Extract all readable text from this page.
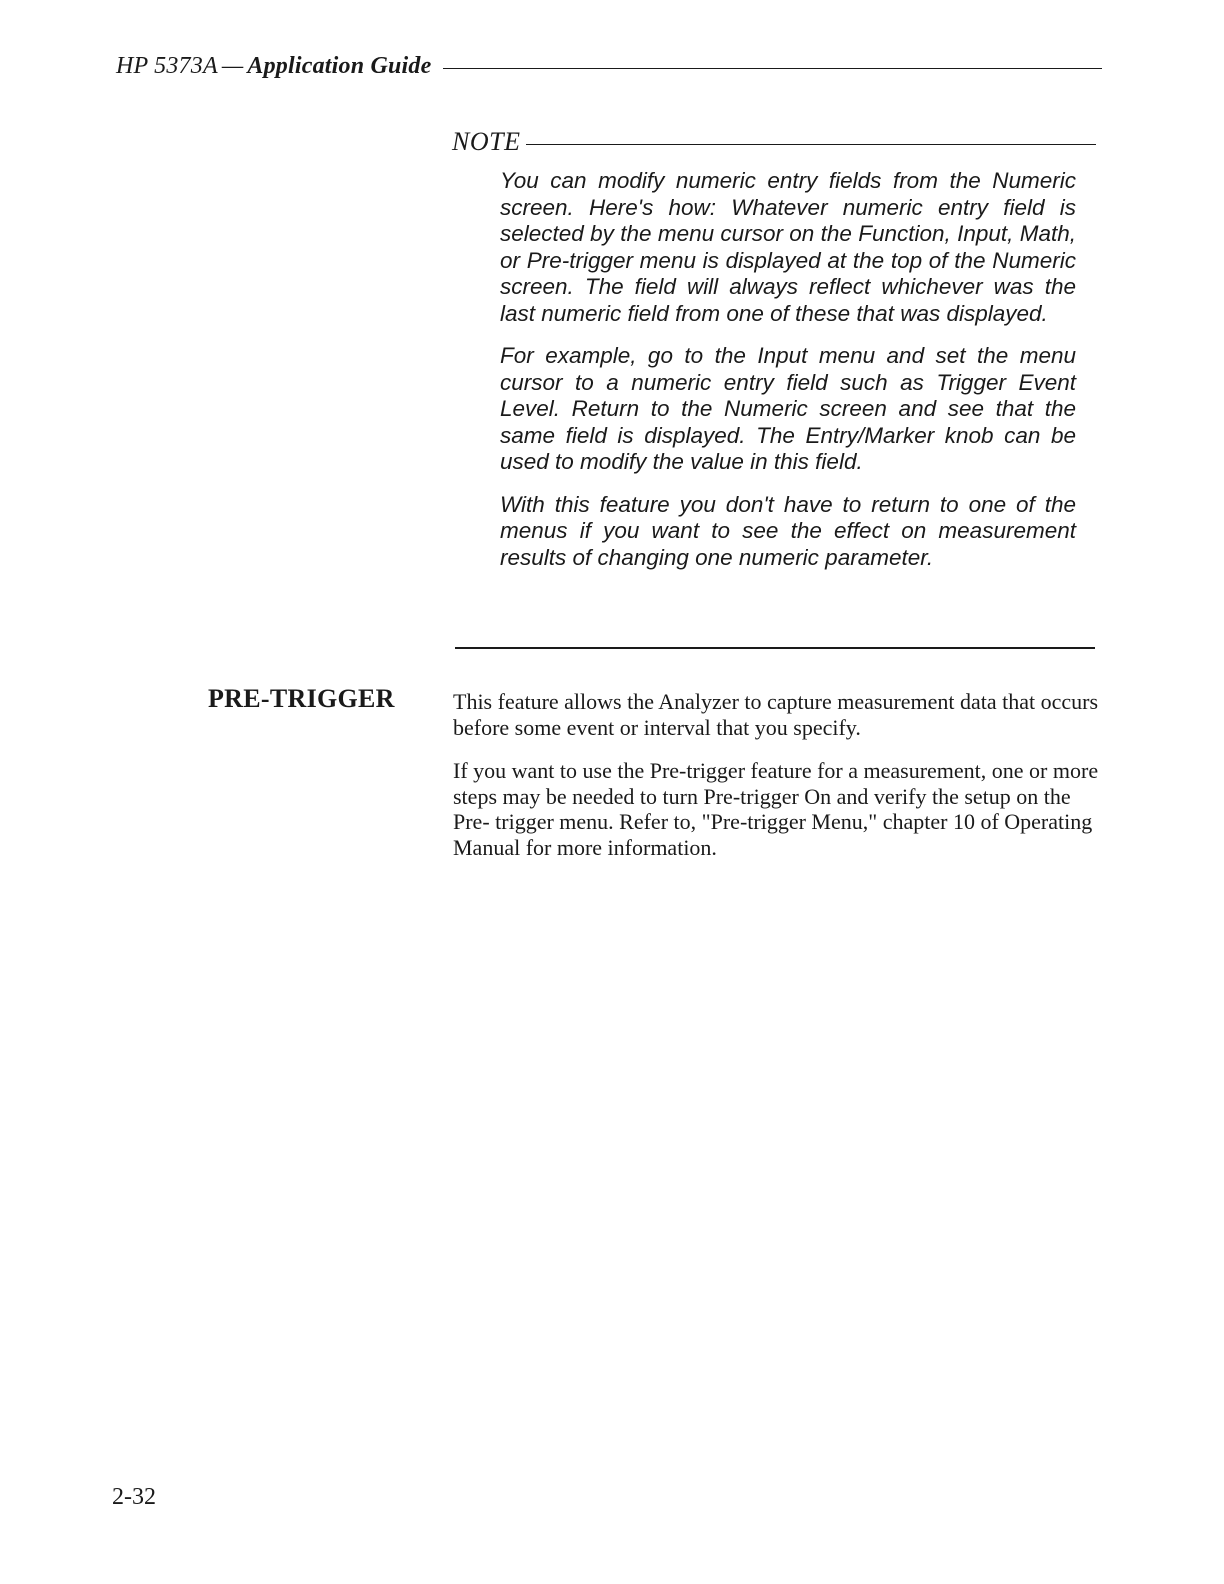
HP 5373A — Application Guide
NOTE

You can modify numeric entry fields from the Numeric screen. Here's how: Whatever numeric entry field is selected by the menu cursor on the Function, Input, Math, or Pre-trigger menu is displayed at the top of the Numeric screen. The field will always reflect whichever was the last numeric field from one of these that was displayed.

For example, go to the Input menu and set the menu cursor to a numeric entry field such as Trigger Event Level. Return to the Numeric screen and see that the same field is displayed. The Entry/Marker knob can be used to modify the value in this field.

With this feature you don't have to return to one of the menus if you want to see the effect on measurement results of changing one numeric parameter.

PRE-TRIGGER	This feature allows the Analyzer to capture measurement data that occurs before some event or interval that you specify.

If you want to use the Pre-trigger feature for a measurement, one or more steps may be needed to turn Pre-trigger On and verify the setup on the Pre- trigger menu. Refer to, "Pre-trigger Menu," chapter 10 of Operating Manual for more information.

2-32
